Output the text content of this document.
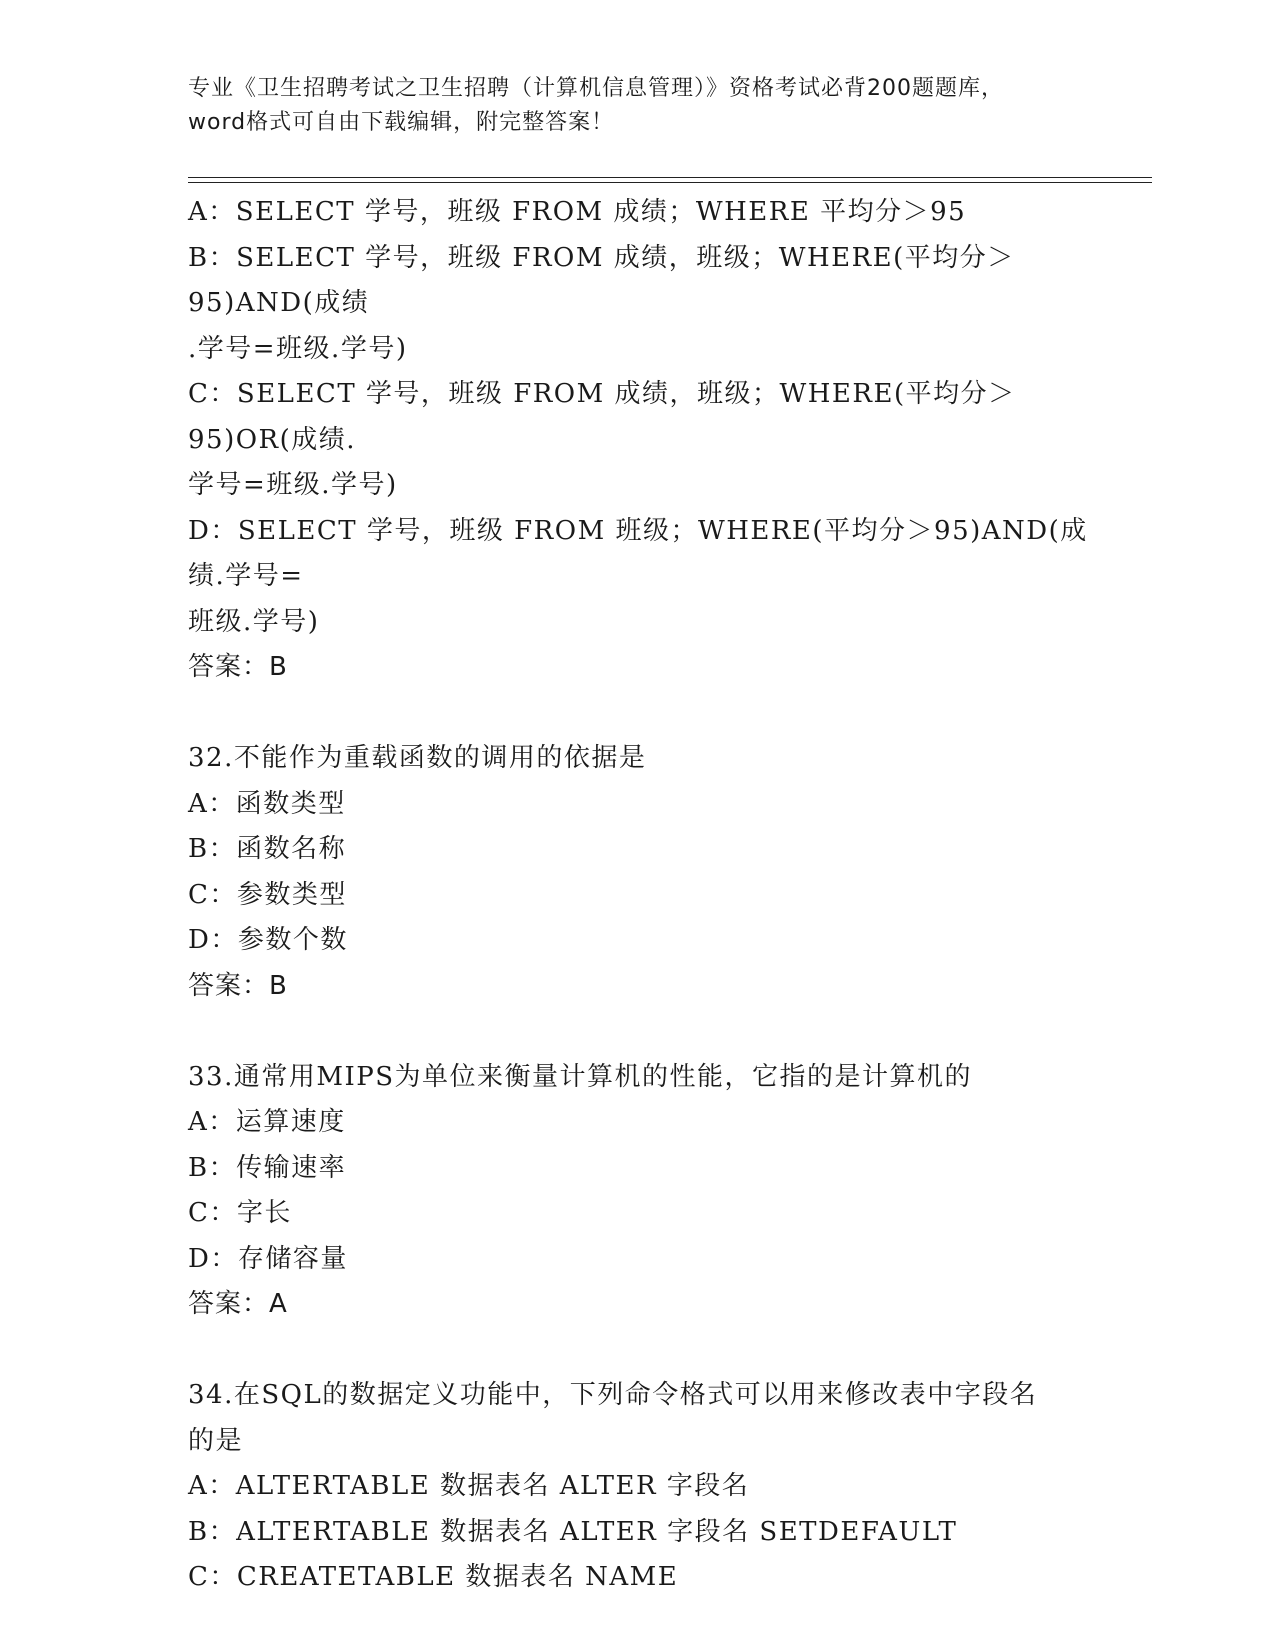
专业《卫生招聘考试之卫生招聘（计算机信息管理）》资格考试必背200题题库，
word格式可自由下载编辑，附完整答案！
A：SELECT 学号，班级 FROM 成绩；WHERE 平均分＞95
B：SELECT 学号，班级 FROM 成绩，班级；WHERE(平均分＞95)AND(成绩
.学号=班级.学号)
C：SELECT 学号，班级 FROM 成绩，班级；WHERE(平均分＞95)OR(成绩.
学号=班级.学号)
D：SELECT 学号，班级 FROM 班级；WHERE(平均分＞95)AND(成绩.学号=
班级.学号)
答案：B
32.不能作为重载函数的调用的依据是
A：函数类型
B：函数名称
C：参数类型
D：参数个数
答案：B
33.通常用MIPS为单位来衡量计算机的性能，它指的是计算机的
A：运算速度
B：传输速率
C：字长
D：存储容量
答案：A
34.在SQL的数据定义功能中，下列命令格式可以用来修改表中字段名
的是
A：ALTERTABLE 数据表名 ALTER 字段名
B：ALTERTABLE 数据表名 ALTER 字段名 SETDEFAULT
C：CREATETABLE 数据表名 NAME
